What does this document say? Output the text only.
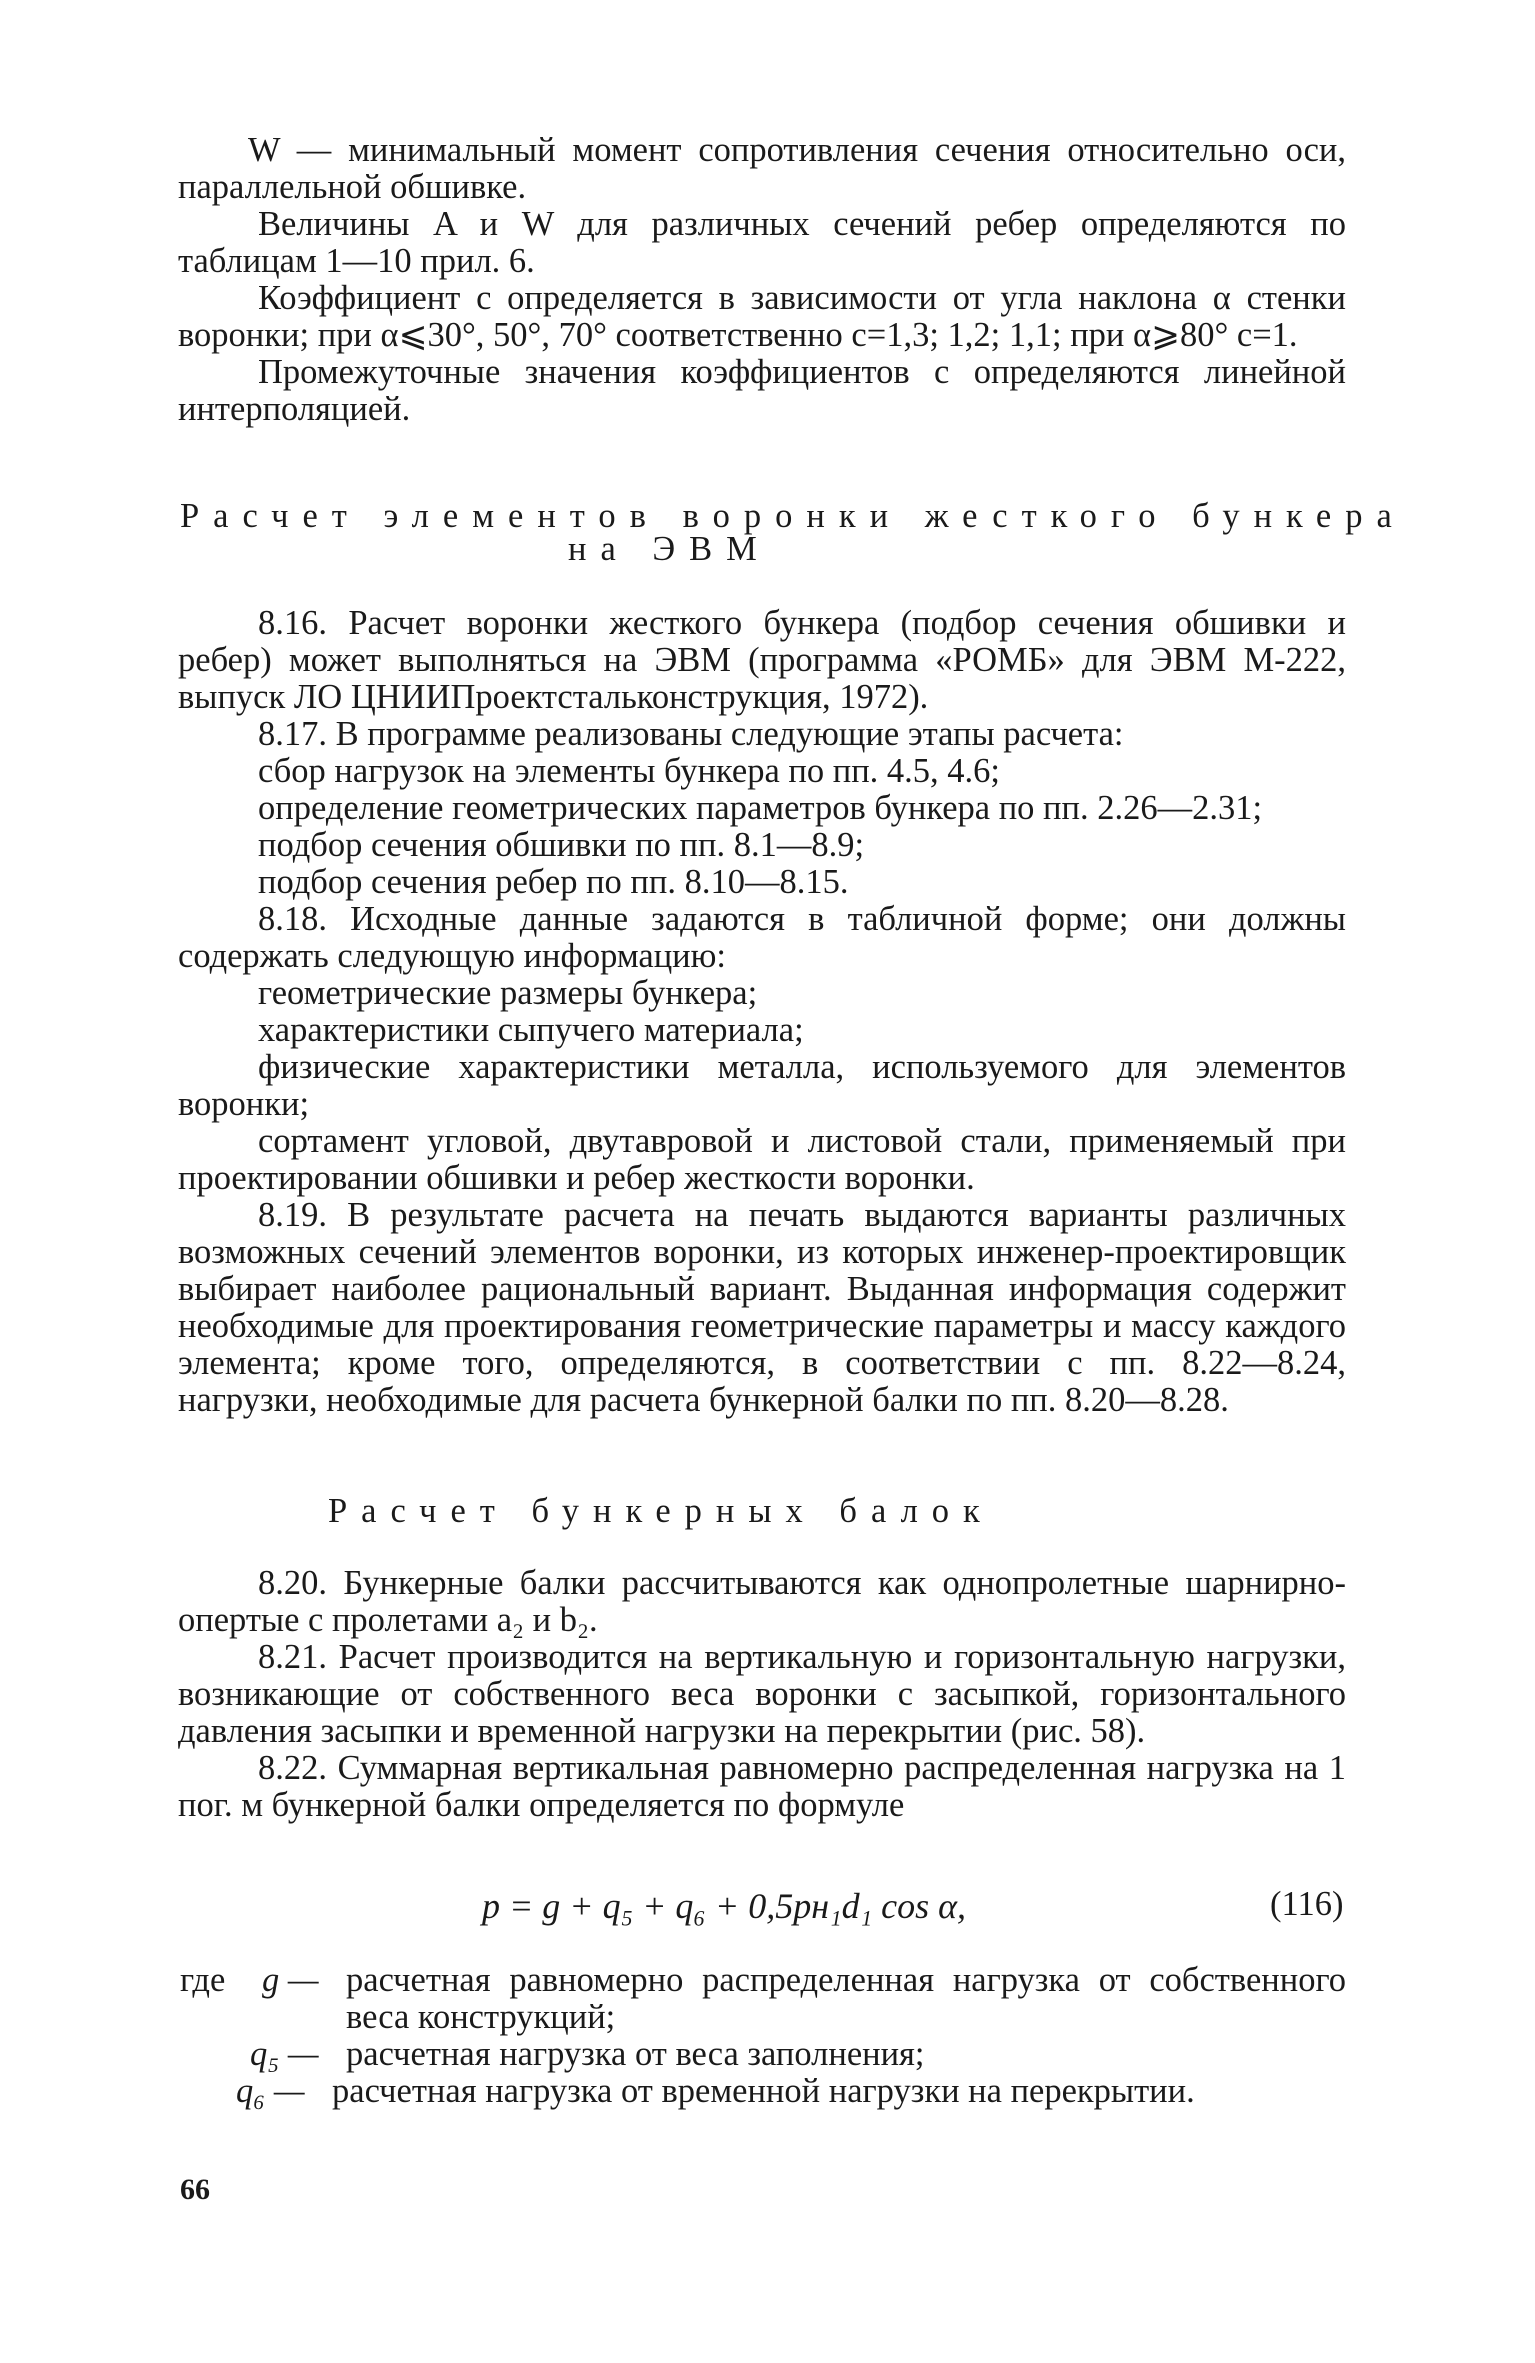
W — минимальный момент сопротивления сечения относительно оси, параллельной обшивке.

Величины A и W для различных сечений ребер определяются по таблицам 1—10 прил. 6.

Коэффициент c определяется в зависимости от угла наклона α стенки воронки; при α⩽30°, 50°, 70° соответственно c=1,3; 1,2; 1,1; при α⩾80° c=1.

Промежуточные значения коэффициентов c определяются линейной интерполяцией.

Расчет элементов воронки жесткого бункера
на ЭВМ

8.16. Расчет воронки жесткого бункера (подбор сечения обшивки и ребер) может выполняться на ЭВМ (программа «РОМБ» для ЭВМ М-222, выпуск ЛО ЦНИИПроектстальконструкция, 1972).

8.17. В программе реализованы следующие этапы расчета:

сбор нагрузок на элементы бункера по пп. 4.5, 4.6;

определение геометрических параметров бункера по пп. 2.26—2.31;

подбор сечения обшивки по пп. 8.1—8.9;

подбор сечения ребер по пп. 8.10—8.15.

8.18. Исходные данные задаются в табличной форме; они должны содержать следующую информацию:

геометрические размеры бункера;

характеристики сыпучего материала;

физические характеристики металла, используемого для элементов воронки;

сортамент угловой, двутавровой и листовой стали, применяемый при проектировании обшивки и ребер жесткости воронки.

8.19. В результате расчета на печать выдаются варианты различных возможных сечений элементов воронки, из которых инженер-проектировщик выбирает наиболее рациональный вариант. Выданная информация содержит необходимые для проектирования геометрические параметры и массу каждого элемента; кроме того, определяются, в соответствии с пп. 8.22—8.24, нагрузки, необходимые для расчета бункерной балки по пп. 8.20—8.28.

Расчет бункерных балок

8.20. Бункерные балки рассчитываются как однопролетные шарнирно-опертые с пролетами a₂ и b₂.

8.21. Расчет производится на вертикальную и горизонтальную нагрузки, возникающие от собственного веса воронки с засыпкой, горизонтального давления засыпки и временной нагрузки на перекрытии (рис. 58).

8.22. Суммарная вертикальная равномерно распределенная нагрузка на 1 пог. м бункерной балки определяется по формуле

p = g + q₅ + q₆ + 0,5pн₁d₁ cos α,	(116)
где g — расчетная равномерно распределенная нагрузка от собственного веса конструкций;
q₅ — расчетная нагрузка от веса заполнения;
q₆ — расчетная нагрузка от временной нагрузки на перекрытии.
66
